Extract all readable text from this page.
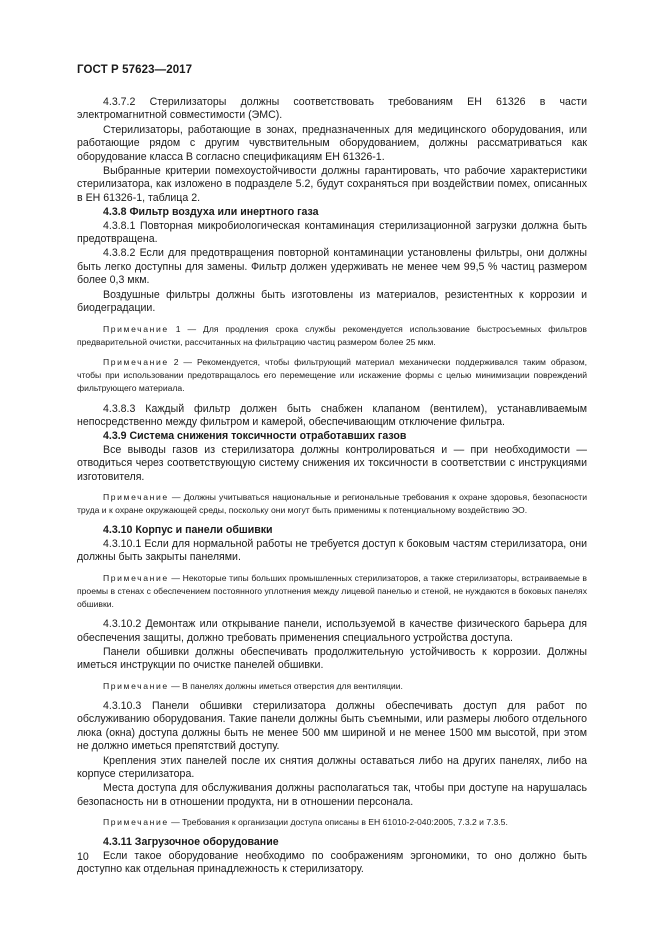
ГОСТ Р 57623—2017

4.3.7.2 Стерилизаторы должны соответствовать требованиям ЕН 61326 в части электромагнитной совместимости (ЭМС).

Стерилизаторы, работающие в зонах, предназначенных для медицинского оборудования, или работающие рядом с другим чувствительным оборудованием, должны рассматриваться как оборудование класса В согласно спецификациям ЕН 61326-1.

Выбранные критерии помехоустойчивости должны гарантировать, что рабочие характеристики стерилизатора, как изложено в подразделе 5.2, будут сохраняться при воздействии помех, описанных в ЕН 61326-1, таблица 2.

4.3.8 Фильтр воздуха или инертного газа

4.3.8.1 Повторная микробиологическая контаминация стерилизационной загрузки должна быть предотвращена.

4.3.8.2 Если для предотвращения повторной контаминации установлены фильтры, они должны быть легко доступны для замены. Фильтр должен удерживать не менее чем 99,5 % частиц размером более 0,3 мкм.

Воздушные фильтры должны быть изготовлены из материалов, резистентных к коррозии и биодеградации.

Примечание 1 — Для продления срока службы рекомендуется использование быстросъемных фильтров предварительной очистки, рассчитанных на фильтрацию частиц размером более 25 мкм.

Примечание 2 — Рекомендуется, чтобы фильтрующий материал механически поддерживался таким образом, чтобы при использовании предотвращалось его перемещение или искажение формы с целью минимизации повреждений фильтрующего материала.

4.3.8.3 Каждый фильтр должен быть снабжен клапаном (вентилем), устанавливаемым непосредственно между фильтром и камерой, обеспечивающим отключение фильтра.

4.3.9 Система снижения токсичности отработавших газов

Все выводы газов из стерилизатора должны контролироваться и — при необходимости — отводиться через соответствующую систему снижения их токсичности в соответствии с инструкциями изготовителя.

Примечание — Должны учитываться национальные и региональные требования к охране здоровья, безопасности труда и к охране окружающей среды, поскольку они могут быть применимы к потенциальному воздействию ЭО.

4.3.10 Корпус и панели обшивки

4.3.10.1 Если для нормальной работы не требуется доступ к боковым частям стерилизатора, они должны быть закрыты панелями.

Примечание — Некоторые типы больших промышленных стерилизаторов, а также стерилизаторы, встраиваемые в проемы в стенах с обеспечением постоянного уплотнения между лицевой панелью и стеной, не нуждаются в боковых панелях обшивки.

4.3.10.2 Демонтаж или открывание панели, используемой в качестве физического барьера для обеспечения защиты, должно требовать применения специального устройства доступа.

Панели обшивки должны обеспечивать продолжительную устойчивость к коррозии. Должны иметься инструкции по очистке панелей обшивки.

Примечание — В панелях должны иметься отверстия для вентиляции.

4.3.10.3 Панели обшивки стерилизатора должны обеспечивать доступ для работ по обслуживанию оборудования. Такие панели должны быть съемными, или размеры любого отдельного люка (окна) доступа должны быть не менее 500 мм шириной и не менее 1500 мм высотой, при этом не должно иметься препятствий доступу.

Крепления этих панелей после их снятия должны оставаться либо на других панелях, либо на корпусе стерилизатора.

Места доступа для обслуживания должны располагаться так, чтобы при доступе на нарушалась безопасность ни в отношении продукта, ни в отношении персонала.

Примечание — Требования к организации доступа описаны в ЕН 61010-2-040:2005, 7.3.2 и 7.3.5.

4.3.11 Загрузочное оборудование

Если такое оборудование необходимо по соображениям эргономики, то оно должно быть доступно как отдельная принадлежность к стерилизатору.

10
